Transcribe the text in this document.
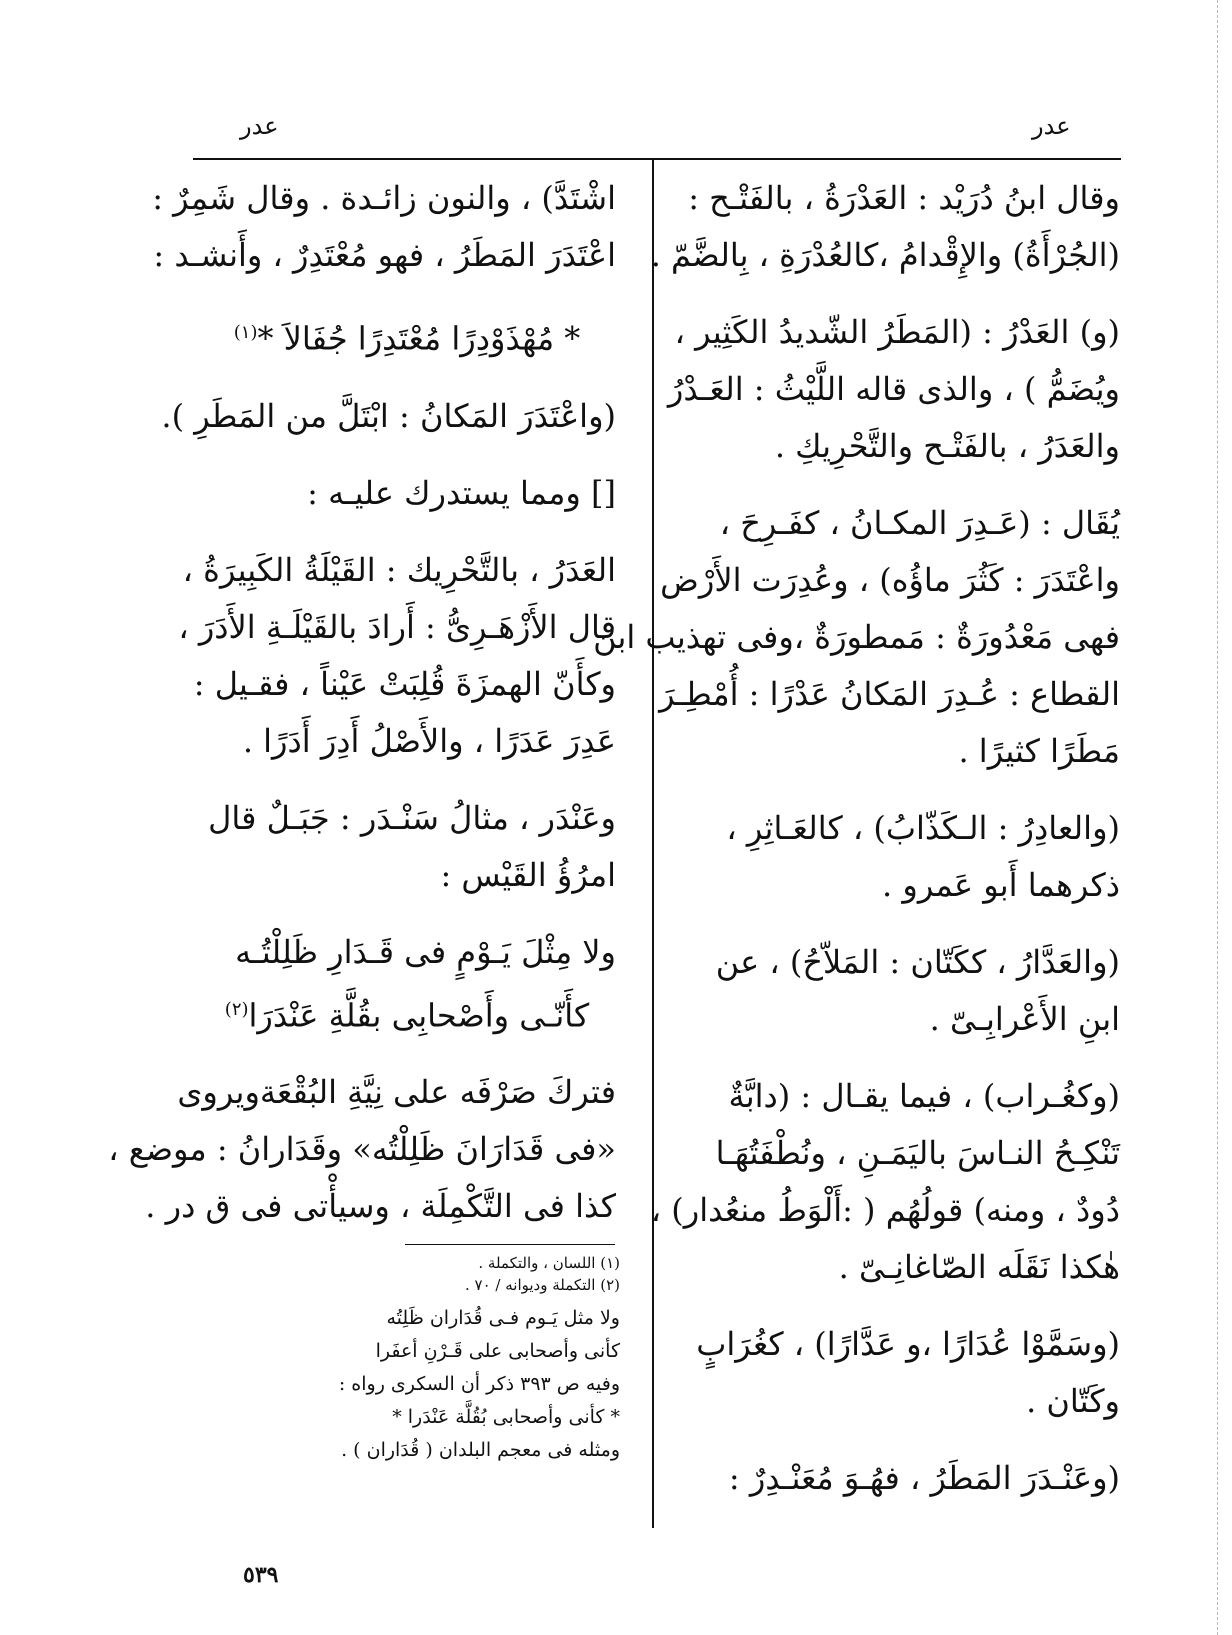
عدر
عدر
وقال ابنُ دُرَيْد : العَدْرَةُ ، بالفَتْـح :
(الجُرْأَةُ) والإِقْدامُ ،كالعُدْرَةِ ، بِالضَّمّ .
(و) العَدْرُ : (المَطَرُ الشّديدُ الكَثِير ،
ويُضَمُّ ) ، والذى قاله اللَّيْثُ : العَـدْرُ
والعَدَرُ ، بالفَتْـح والتَّحْرِيكِ .
يُقَال : (عَـدِرَ المكـانُ ، كفَـرِحَ ،
واعْتَدَرَ : كَثُرَ ماؤُه) ، وعُدِرَت الأَرْض
فهى مَعْدُورَةٌ : مَمطورَةٌ ،وفى تهذيب ابن
القطاع : عُـدِرَ المَكانُ عَدْرًا : أُمْطِـرَ
مَطَرًا كثيرًا .
(والعادِرُ : الـكَذّابُ) ، كالعَـاثِرِ ،
ذكرهما أَبو عَمرو .
(والعَدَّارُ ، ككَتّان : المَلاّحُ) ، عن
ابنِ الأَعْرابِـىّ .
(وكغُـراب) ، فيما يقـال : (دابَّةٌ
تَنْكِـحُ النـاسَ باليَمَـنِ ، ونُطْفَتُهَـا
دُودٌ ، ومنه) قولُهُم ( :أَلْوَطُ منعُدار) ،
هٰكذا نَقَلَه الصّاغانِـىّ .
(وسَمَّوْا عُدَارًا ،و عَدَّارًا) ، كغُرَابٍ
وكَتّان .
(وعَنْـدَرَ المَطَرُ ، فهُـوَ مُعَنْـدِرٌ :
اشْتَدَّ) ، والنون زائـدة . وقال شَمِرٌ :
اعْتَدَرَ المَطَرُ ، فهو مُعْتَدِرٌ ، وأَنشـد :
* مُهْذَوْدِرًا مُعْتَدِرًا جُفَالاَ *$^{(١)}$
(واعْتَدَرَ المَكانُ : ابْتَلَّ من المَطَرِ ).
[] ومما يستدرك عليـه :
العَدَرُ ، بالتَّحْرِيك : القَيْلَةُ الكَبِيرَةُ ،
قال الأَزْهَـرِىُّ : أَرادَ بالقَيْلَـةِ الأَدَرَ ،
وكأَنّ الهمزَةَ قُلِبَتْ عَيْناً ، فقـيل :
عَدِرَ عَدَرًا ، والأَصْلُ أَدِرَ أَدَرًا .
وعَنْدَر ، مثالُ سَنْـدَر : جَبَـلٌ قال
امرُؤُ القَيْس :
ولا مِثْلَ يَـوْمٍ فى قَـدَارِ ظَلِلْتُـه
كأَنّـى وأَصْحابِى بقُلَّةِ عَنْدَرَا$^{(٢)}$
فتركَ صَرْفَه على نِيَّةِ البُقْعَةويروى
«فى قَدَارَانَ ظَلِلْتُه» وقَدَارانُ : موضع ،
كذا فى التَّكْمِلَة ، وسيأْتى فى ق در .
(١) اللسان ، والتكملة .
(٢) التكملة وديوانه / ٧٠ .
ولا مثل يَـوم فـى قُدَاران ظَلِتُه
كأنى وأصحابى على قَـرْنِ أعفَرا
وفيه ص ٣٩٣ ذكر أن السكرى رواه :
* كأنى وأصحابى بُقُلَّة عَنْدَرا *
ومثله فى معجم البلدان ( قُدَاران ) .
٥٣٩
